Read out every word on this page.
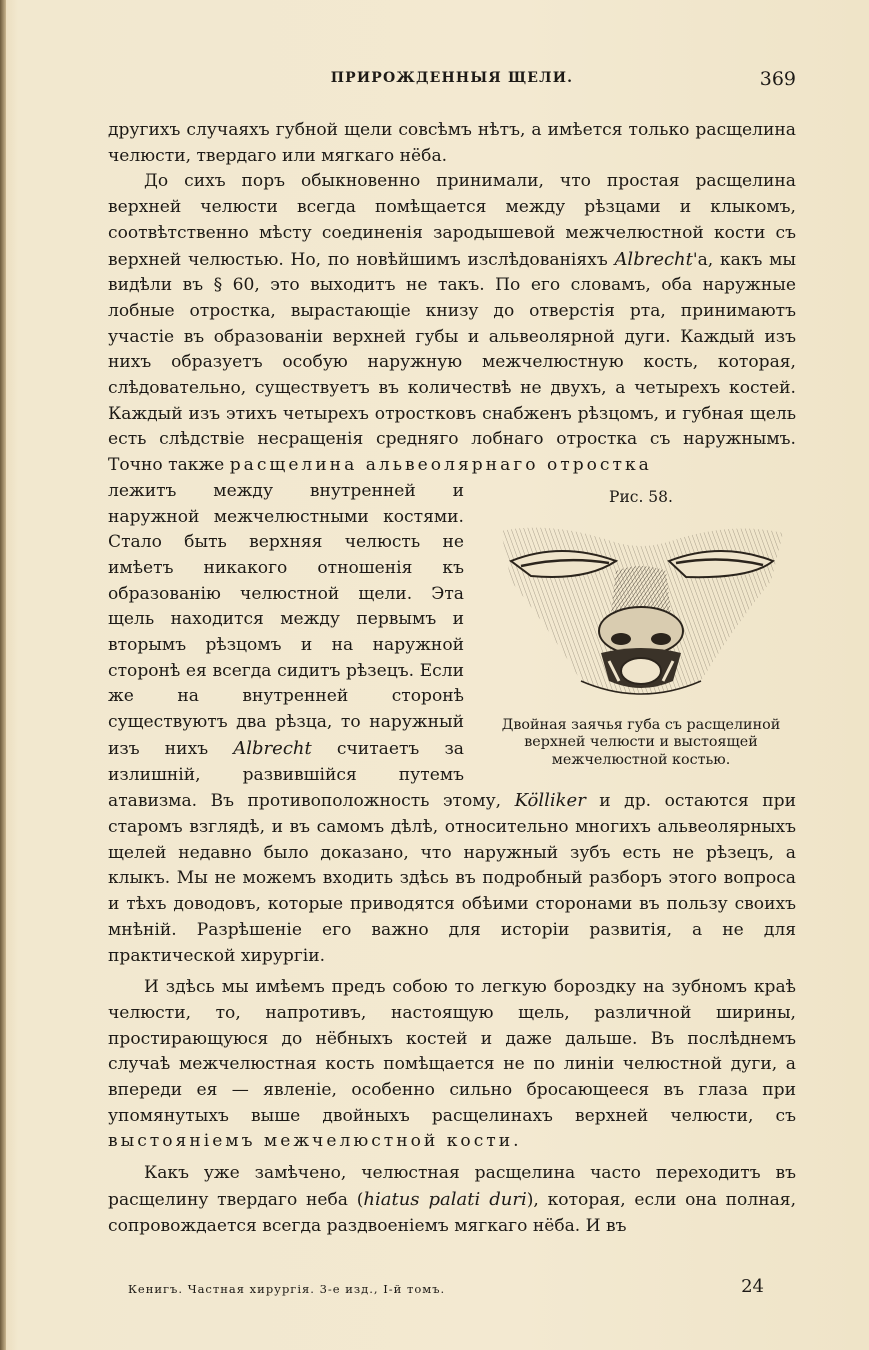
ПРИРОЖДЕННЫЯ ЩЕЛИ.	369

другихъ случаяхъ губной щели совсѣмъ нѣтъ, а имѣется только расщелина челюсти, твердаго или мягкаго нёба.

До сихъ поръ обыкновенно принимали, что простая расщелина верхней челюсти всегда помѣщается между рѣзцами и клыкомъ, соотвѣтственно мѣсту соединенія зародышевой межчелюстной кости съ верхней челюстью. Но, по новѣйшимъ изслѣдованіяхъ Albrecht'а, какъ мы видѣли въ § 60, это выходитъ не такъ. По его словамъ, оба наружные лобные отростка, вырастающіе книзу до отверстія рта, принимаютъ участіе въ образованіи верхней губы и альвеолярной дуги. Каждый изъ нихъ образуетъ особую наружную межчелюстную кость, которая, слѣдовательно, существуетъ въ количествѣ не двухъ, а четырехъ костей. Каждый изъ этихъ четырехъ отростковъ снабженъ рѣзцомъ, и губная щель есть слѣдствіе несращенія средняго лобнаго отростка съ наружнымъ. Точно также расщелина альвеолярнаго отростка

Рис. 58.
Двойная заячья губа съ расщелиной верхней челюсти и выстоящей межчелюстной костью.
лежитъ между внутренней и наружной межчелюстными костями. Стало быть верхняя челюсть не имѣетъ никакого отношенія къ образованію челюстной щели. Эта щель находится между первымъ и вторымъ рѣзцомъ и на наружной сторонѣ ея всегда сидитъ рѣзецъ. Если же на внутренней сторонѣ существуютъ два рѣзца, то наружный изъ нихъ Albrecht считаетъ за излишній, развившійся путемъ атавизма. Въ противоположность этому, Kölliker и др. остаются при старомъ взглядѣ, и въ самомъ дѣлѣ, относительно многихъ альвеолярныхъ щелей недавно было доказано, что наружный зубъ есть не рѣзецъ, а клыкъ. Мы не можемъ входить здѣсь въ подробный разборъ этого вопроса и тѣхъ доводовъ, которые приводятся обѣими сторонами въ пользу своихъ мнѣній. Разрѣшеніе его важно для исторіи развитія, а не для практической хирургіи.

И здѣсь мы имѣемъ предъ собою то легкую бороздку на зубномъ краѣ челюсти, то, напротивъ, настоящую щель, различной ширины, простирающуюся до нёбныхъ костей и даже дальше. Въ послѣднемъ случаѣ межчелюстная кость помѣщается не по линіи челюстной дуги, а впереди ея — явленіе, особенно сильно бросающееся въ глаза при упомянутыхъ выше двойныхъ расщелинахъ верхней челюсти, съ выстояніемъ межчелюстной кости.

Какъ уже замѣчено, челюстная расщелина часто переходитъ въ расщелину твердаго неба (hiatus palati duri), которая, если она полная, сопровождается всегда раздвоеніемъ мягкаго нёба. И въ

Кенигъ. Частная хирургія. 3-е изд., I-й томъ.	24
